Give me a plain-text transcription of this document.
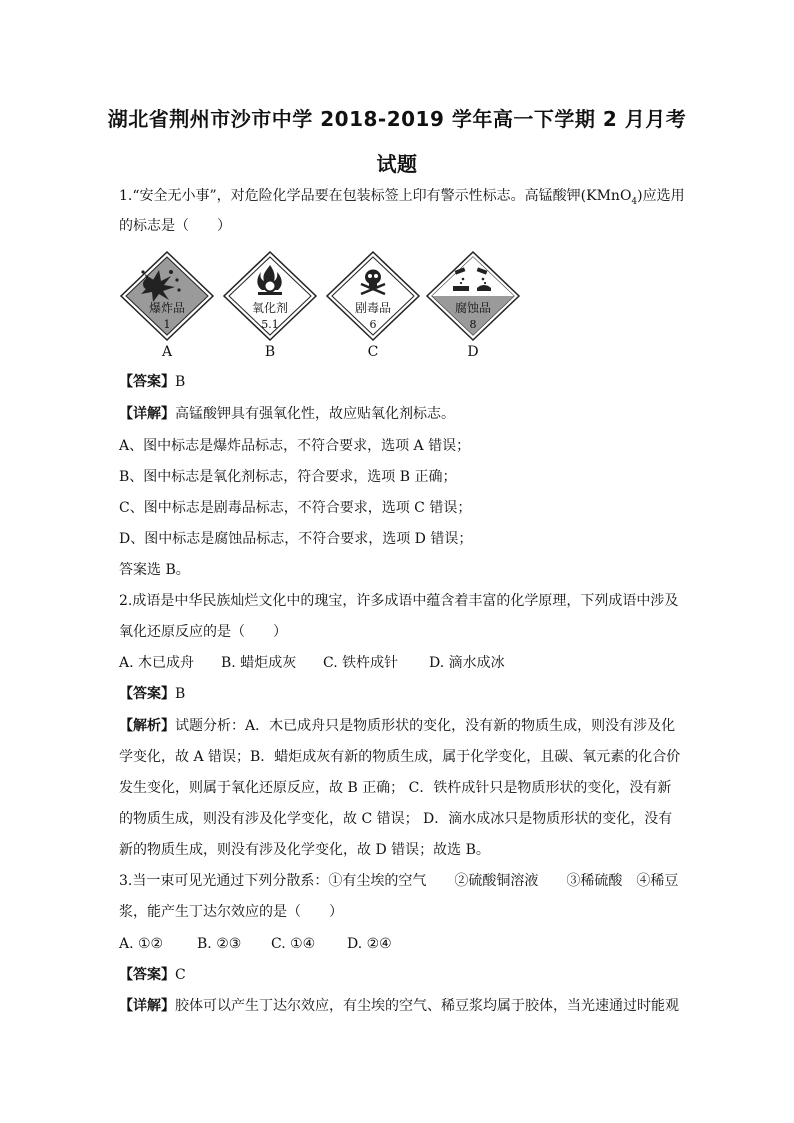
湖北省荆州市沙市中学 2018-2019 学年高一下学期 2 月月考
试题
1.“安全无小事”，对危险化学品要在包装标签上印有警示性标志。高锰酸钾(KMnO$_4$)应选用
的标志是（　　）
爆炸品
1
A
氧化剂
5.1
B
剧毒品
6
C
腐蚀品
8
D
【答案】B
【详解】高锰酸钾具有强氧化性，故应贴氧化剂标志。
A、图中标志是爆炸品标志，不符合要求，选项 A 错误；
B、图中标志是氧化剂标志，符合要求，选项 B 正确；
C、图中标志是剧毒品标志，不符合要求，选项 C 错误；
D、图中标志是腐蚀品标志，不符合要求，选项 D 错误；
答案选 B。
2.成语是中华民族灿烂文化中的瑰宝，许多成语中蕴含着丰富的化学原理，下列成语中涉及
氧化还原反应的是（　　）
A. 木已成舟 B. 蜡炬成灰 C. 铁杵成针 D. 滴水成冰
【答案】B
【解析】试题分析：A．木已成舟只是物质形状的变化，没有新的物质生成，则没有涉及化
学变化，故 A 错误；B．蜡炬成灰有新的物质生成，属于化学变化，且碳、氧元素的化合价
发生变化，则属于氧化还原反应，故 B 正确； C．铁杵成针只是物质形状的变化，没有新
的物质生成，则没有涉及化学变化，故 C 错误； D．滴水成冰只是物质形状的变化，没有
新的物质生成，则没有涉及化学变化，故 D 错误；故选 B。
3.当一束可见光通过下列分散系：①有尘埃的空气　　②硫酸铜溶液　　③稀硫酸　④稀豆
浆，能产生丁达尔效应的是（　　）
A. ①② B. ②③ C. ①④ D. ②④
【答案】C
【详解】胶体可以产生丁达尔效应，有尘埃的空气、稀豆浆均属于胶体，当光速通过时能观
